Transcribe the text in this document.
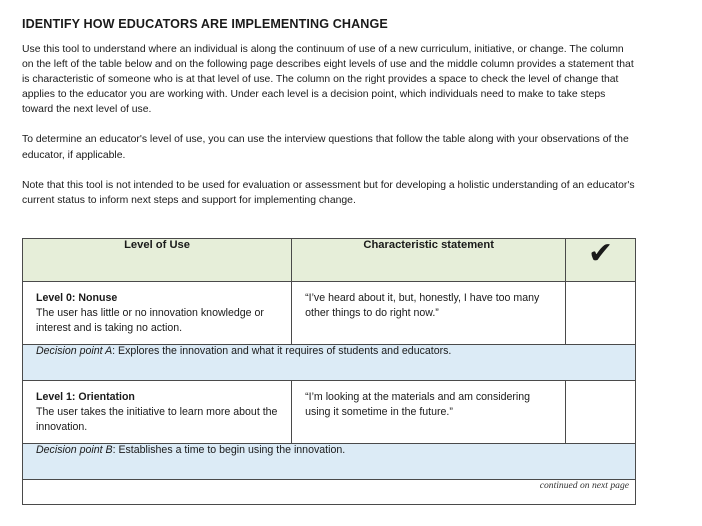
IDENTIFY HOW EDUCATORS ARE IMPLEMENTING CHANGE

Use this tool to understand where an individual is along the continuum of use of a new curriculum, initiative, or change. The column on the left of the table below and on the following page describes eight levels of use and the middle column provides a statement that is characteristic of someone who is at that level of use. The column on the right provides a space to check the level of change that applies to the educator you are working with. Under each level is a decision point, which individuals need to make to take steps toward the next level of use.

To determine an educator's level of use, you can use the interview questions that follow the table along with your observations of the educator, if applicable.

Note that this tool is not intended to be used for evaluation or assessment but for developing a holistic understanding of an educator's current status to inform next steps and support for implementing change.

Level of Use	Characteristic statement	✔

Level 0: Nonuse
The user has little or no innovation knowledge or interest and is taking no action.	“I’ve heard about it, but, honestly, I have too many other things to do right now.”	
Decision point A: Explores the innovation and what it requires of students and educators.		

Level 1: Orientation
The user takes the initiative to learn more about the innovation.	“I’m looking at the materials and am considering using it sometime in the future.”	
Decision point B: Establishes a time to begin using the innovation.		
continued on next page		
